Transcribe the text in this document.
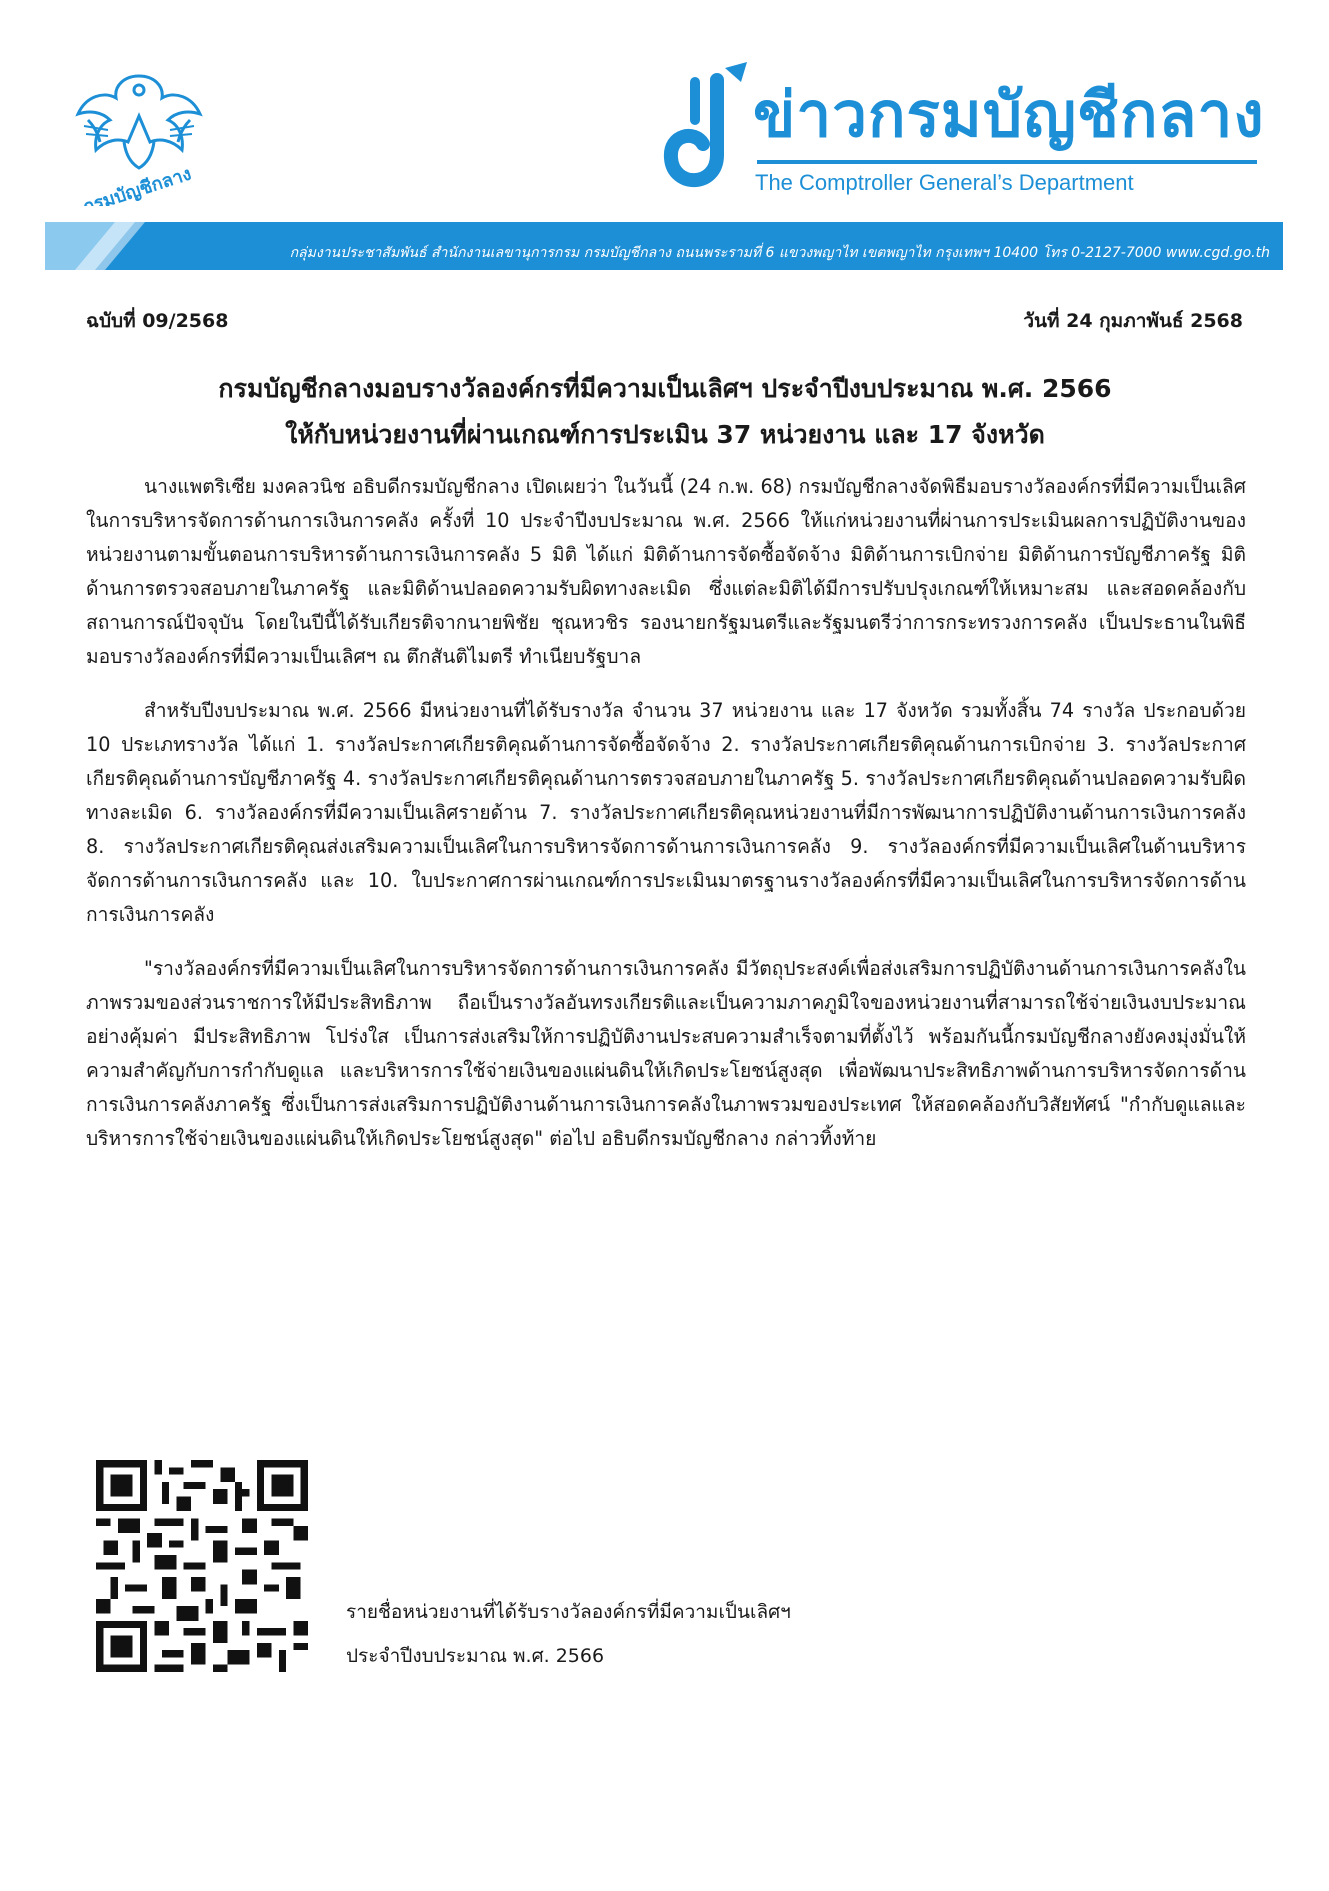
กรมบัญชีกลาง
ข่าวกรมบัญชีกลาง
The Comptroller General’s Department
กลุ่มงานประชาสัมพันธ์ สำนักงานเลขานุการกรม กรมบัญชีกลาง ถนนพระรามที่ 6 แขวงพญาไท เขตพญาไท กรุงเทพฯ 10400 โทร 0-2127-7000 www.cgd.go.th
ฉบับที่ 09/2568	วันที่ 24 กุมภาพันธ์ 2568
กรมบัญชีกลางมอบรางวัลองค์กรที่มีความเป็นเลิศฯ ประจำปีงบประมาณ พ.ศ. 2566
ให้กับหน่วยงานที่ผ่านเกณฑ์การประเมิน 37 หน่วยงาน และ 17 จังหวัด

นางแพตริเซีย มงคลวนิช อธิบดีกรมบัญชีกลาง เปิดเผยว่า ในวันนี้ (24 ก.พ. 68) กรมบัญชีกลางจัดพิธีมอบรางวัลองค์กรที่มีความเป็นเลิศในการบริหารจัดการด้านการเงินการคลัง ครั้งที่ 10 ประจำปีงบประมาณ พ.ศ. 2566 ให้แก่หน่วยงานที่ผ่านการประเมินผลการปฏิบัติงานของหน่วยงานตามขั้นตอนการบริหารด้านการเงินการคลัง 5 มิติ ได้แก่ มิติด้านการจัดซื้อจัดจ้าง มิติด้านการเบิกจ่าย มิติด้านการบัญชีภาครัฐ มิติด้านการตรวจสอบภายในภาครัฐ และมิติด้านปลอดความรับผิดทางละเมิด ซึ่งแต่ละมิติได้มีการปรับปรุงเกณฑ์ให้เหมาะสม และสอดคล้องกับสถานการณ์ปัจจุบัน โดยในปีนี้ได้รับเกียรติจากนายพิชัย ชุณหวชิร รองนายกรัฐมนตรีและรัฐมนตรีว่าการกระทรวงการคลัง เป็นประธานในพิธีมอบรางวัลองค์กรที่มีความเป็นเลิศฯ ณ ตึกสันติไมตรี ทำเนียบรัฐบาล

สำหรับปีงบประมาณ พ.ศ. 2566 มีหน่วยงานที่ได้รับรางวัล จำนวน 37 หน่วยงาน และ 17 จังหวัด รวมทั้งสิ้น 74 รางวัล ประกอบด้วย 10 ประเภทรางวัล ได้แก่ 1. รางวัลประกาศเกียรติคุณด้านการจัดซื้อจัดจ้าง 2. รางวัลประกาศเกียรติคุณด้านการเบิกจ่าย 3. รางวัลประกาศเกียรติคุณด้านการบัญชีภาครัฐ 4. รางวัลประกาศเกียรติคุณด้านการตรวจสอบภายในภาครัฐ 5. รางวัลประกาศเกียรติคุณด้านปลอดความรับผิดทางละเมิด 6. รางวัลองค์กรที่มีความเป็นเลิศรายด้าน 7. รางวัลประกาศเกียรติคุณหน่วยงานที่มีการพัฒนาการปฏิบัติงานด้านการเงินการคลัง 8. รางวัลประกาศเกียรติคุณส่งเสริมความเป็นเลิศในการบริหารจัดการด้านการเงินการคลัง 9. รางวัลองค์กรที่มีความเป็นเลิศในด้านบริหารจัดการด้านการเงินการคลัง และ 10. ใบประกาศการผ่านเกณฑ์การประเมินมาตรฐานรางวัลองค์กรที่มีความเป็นเลิศในการบริหารจัดการด้านการเงินการคลัง

"รางวัลองค์กรที่มีความเป็นเลิศในการบริหารจัดการด้านการเงินการคลัง มีวัตถุประสงค์เพื่อส่งเสริมการปฏิบัติงานด้านการเงินการคลังในภาพรวมของส่วนราชการให้มีประสิทธิภาพ ถือเป็นรางวัลอันทรงเกียรติและเป็นความภาคภูมิใจของหน่วยงานที่สามารถใช้จ่ายเงินงบประมาณอย่างคุ้มค่า มีประสิทธิภาพ โปร่งใส เป็นการส่งเสริมให้การปฏิบัติงานประสบความสำเร็จตามที่ตั้งไว้ พร้อมกันนี้กรมบัญชีกลางยังคงมุ่งมั่นให้ความสำคัญกับการกำกับดูแล และบริหารการใช้จ่ายเงินของแผ่นดินให้เกิดประโยชน์สูงสุด เพื่อพัฒนาประสิทธิภาพด้านการบริหารจัดการด้านการเงินการคลังภาครัฐ ซึ่งเป็นการส่งเสริมการปฏิบัติงานด้านการเงินการคลังในภาพรวมของประเทศ ให้สอดคล้องกับวิสัยทัศน์ "กำกับดูแลและบริหารการใช้จ่ายเงินของแผ่นดินให้เกิดประโยชน์สูงสุด" ต่อไป อธิบดีกรมบัญชีกลาง กล่าวทิ้งท้าย

รายชื่อหน่วยงานที่ได้รับรางวัลองค์กรที่มีความเป็นเลิศฯ
ประจำปีงบประมาณ พ.ศ. 2566
